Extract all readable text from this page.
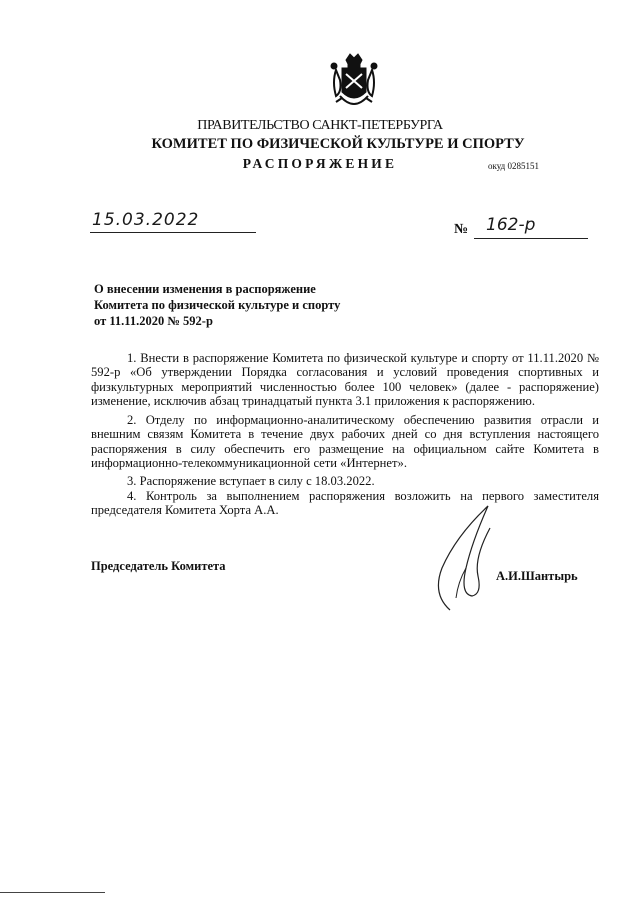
ПРАВИТЕЛЬСТВО САНКТ-ПЕТЕРБУРГА
КОМИТЕТ ПО ФИЗИЧЕСКОЙ КУЛЬТУРЕ И СПОРТУ
РАСПОРЯЖЕНИЕ	окуд 0285151
15.03.2022	№ 162-р
О внесении изменения в распоряжение
Комитета по физической культуре и спорту
от 11.11.2020 № 592-р
1. Внести в распоряжение Комитета по физической культуре и спорту от 11.11.2020 № 592-р «Об утверждении Порядка согласования и условий проведения спортивных и физкультурных мероприятий численностью более 100 человек» (далее - распоряжение) изменение, исключив абзац тринадцатый пункта 3.1 приложения к распоряжению.
2. Отделу по информационно-аналитическому обеспечению развития отрасли и внешним связям Комитета в течение двух рабочих дней со дня вступления настоящего распоряжения в силу обеспечить его размещение на официальном сайте Комитета в информационно-телекоммуникационной сети «Интернет».
3. Распоряжение вступает в силу с 18.03.2022.
4. Контроль за выполнением распоряжения возложить на первого заместителя председателя Комитета Хорта А.А.
Председатель Комитета
А.И.Шантырь
